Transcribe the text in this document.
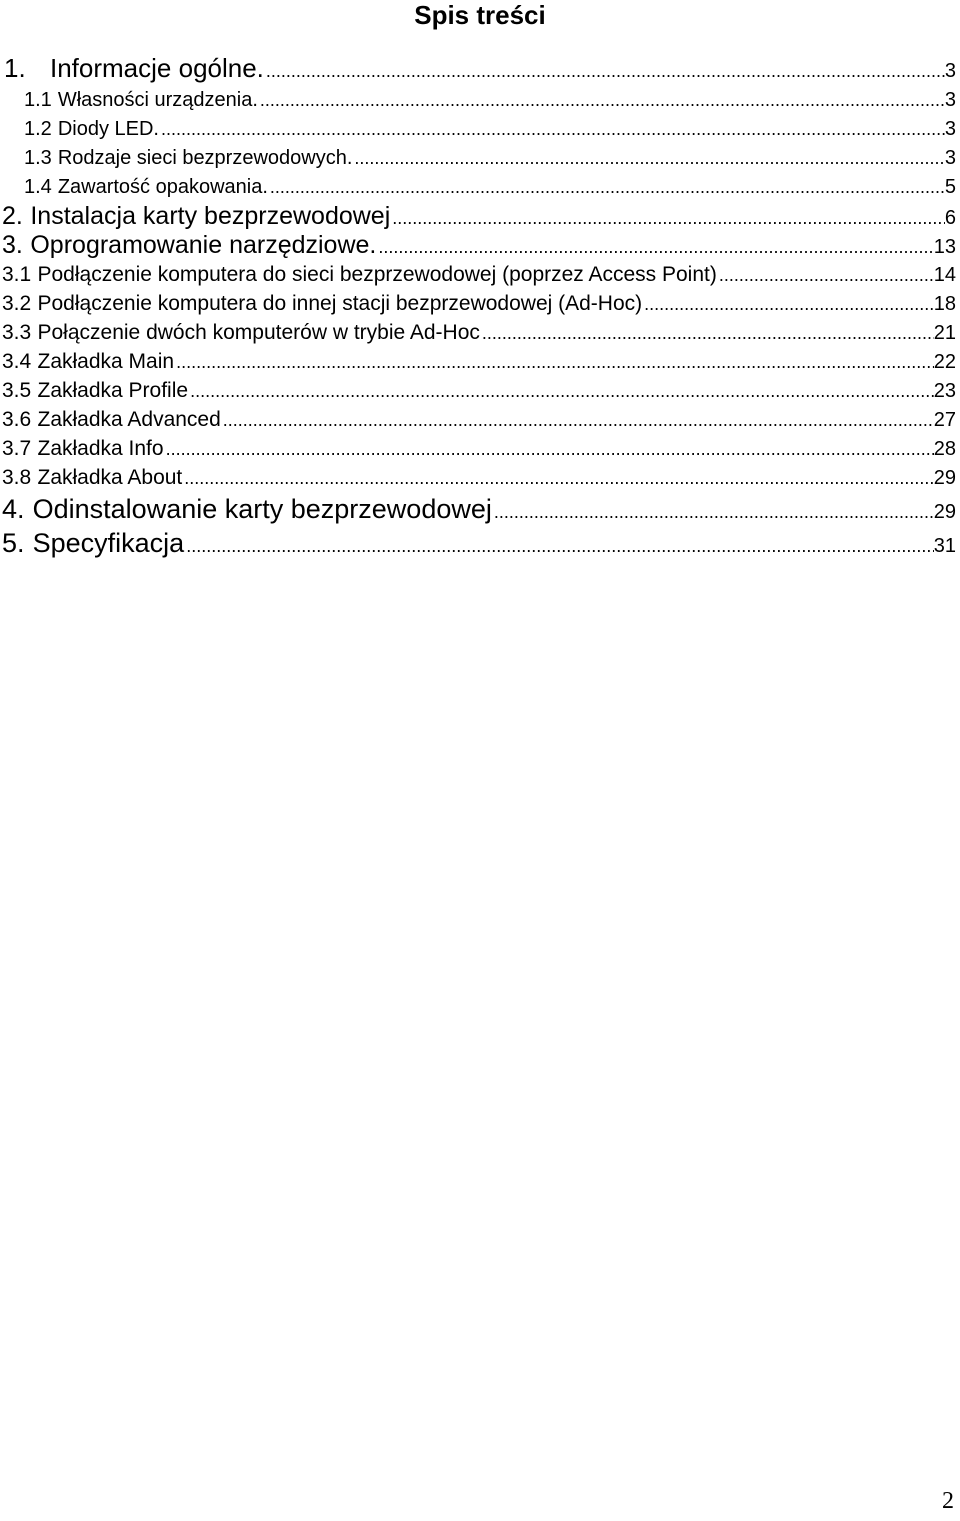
Spis treści
1. Informacje ogólne. .....	3
1.1 Własności urządzenia. .....	3
1.2 Diody LED. .....	3
1.3 Rodzaje sieci bezprzewodowych. .....	3
1.4 Zawartość opakowania. .....	5
2. Instalacja karty bezprzewodowej .....	6
3. Oprogramowanie narzędziowe. .....	13
3.1 Podłączenie komputera do sieci bezprzewodowej (poprzez Access Point) .....	14
3.2 Podłączenie komputera do innej stacji bezprzewodowej (Ad-Hoc) .....	18
3.3 Połączenie dwóch komputerów w trybie Ad-Hoc .....	21
3.4 Zakładka Main .....	22
3.5 Zakładka Profile .....	23
3.6 Zakładka Advanced .....	27
3.7 Zakładka Info .....	28
3.8 Zakładka About .....	29
4. Odinstalowanie karty bezprzewodowej .....	29
5. Specyfikacja .....	31
2
